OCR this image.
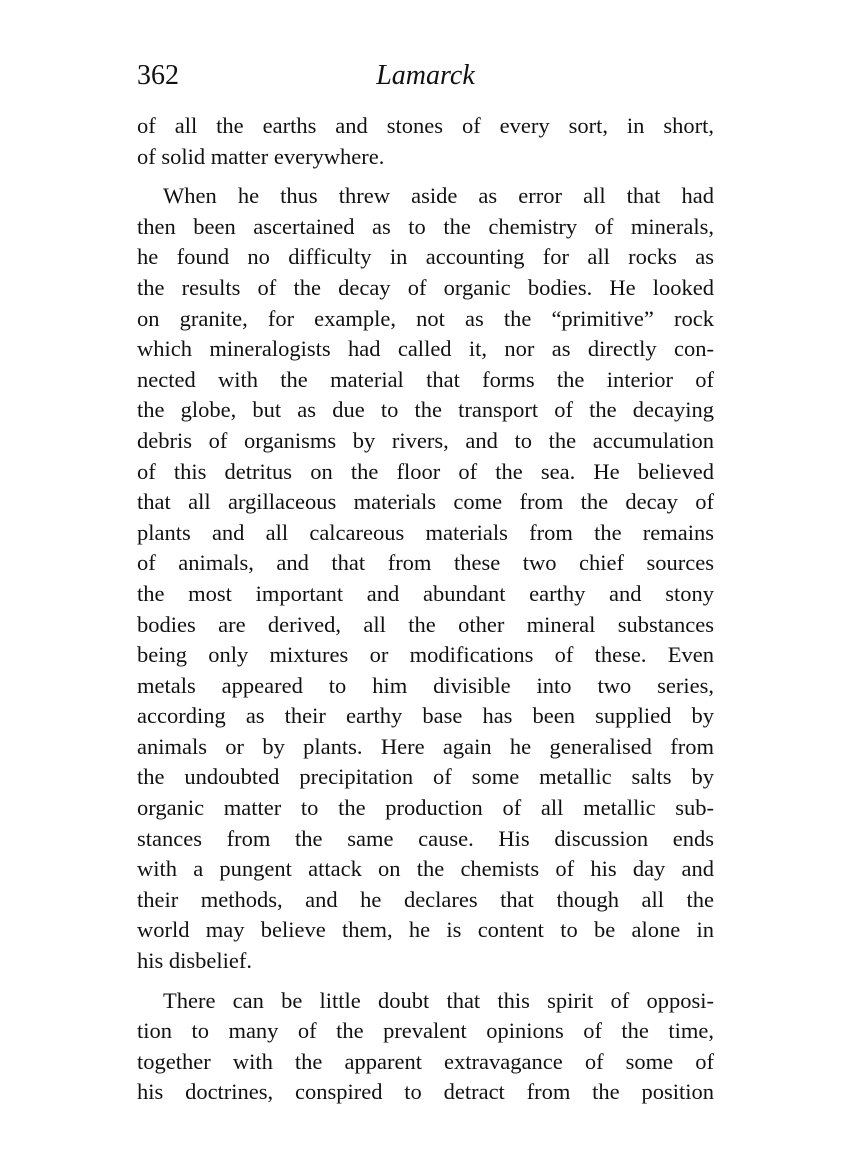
362	Lamarck
of all the earths and stones of every sort, in short,
of solid matter everywhere.
When he thus threw aside as error all that had
then been ascertained as to the chemistry of minerals,
he found no difficulty in accounting for all rocks as
the results of the decay of organic bodies. He looked
on granite, for example, not as the “primitive” rock
which mineralogists had called it, nor as directly con-
nected with the material that forms the interior of
the globe, but as due to the transport of the decaying
debris of organisms by rivers, and to the accumulation
of this detritus on the floor of the sea. He believed
that all argillaceous materials come from the decay of
plants and all calcareous materials from the remains
of animals, and that from these two chief sources
the most important and abundant earthy and stony
bodies are derived, all the other mineral substances
being only mixtures or modifications of these. Even
metals appeared to him divisible into two series,
according as their earthy base has been supplied by
animals or by plants. Here again he generalised from
the undoubted precipitation of some metallic salts by
organic matter to the production of all metallic sub-
stances from the same cause. His discussion ends
with a pungent attack on the chemists of his day and
their methods, and he declares that though all the
world may believe them, he is content to be alone in
his disbelief.
There can be little doubt that this spirit of opposi-
tion to many of the prevalent opinions of the time,
together with the apparent extravagance of some of
his doctrines, conspired to detract from the position
